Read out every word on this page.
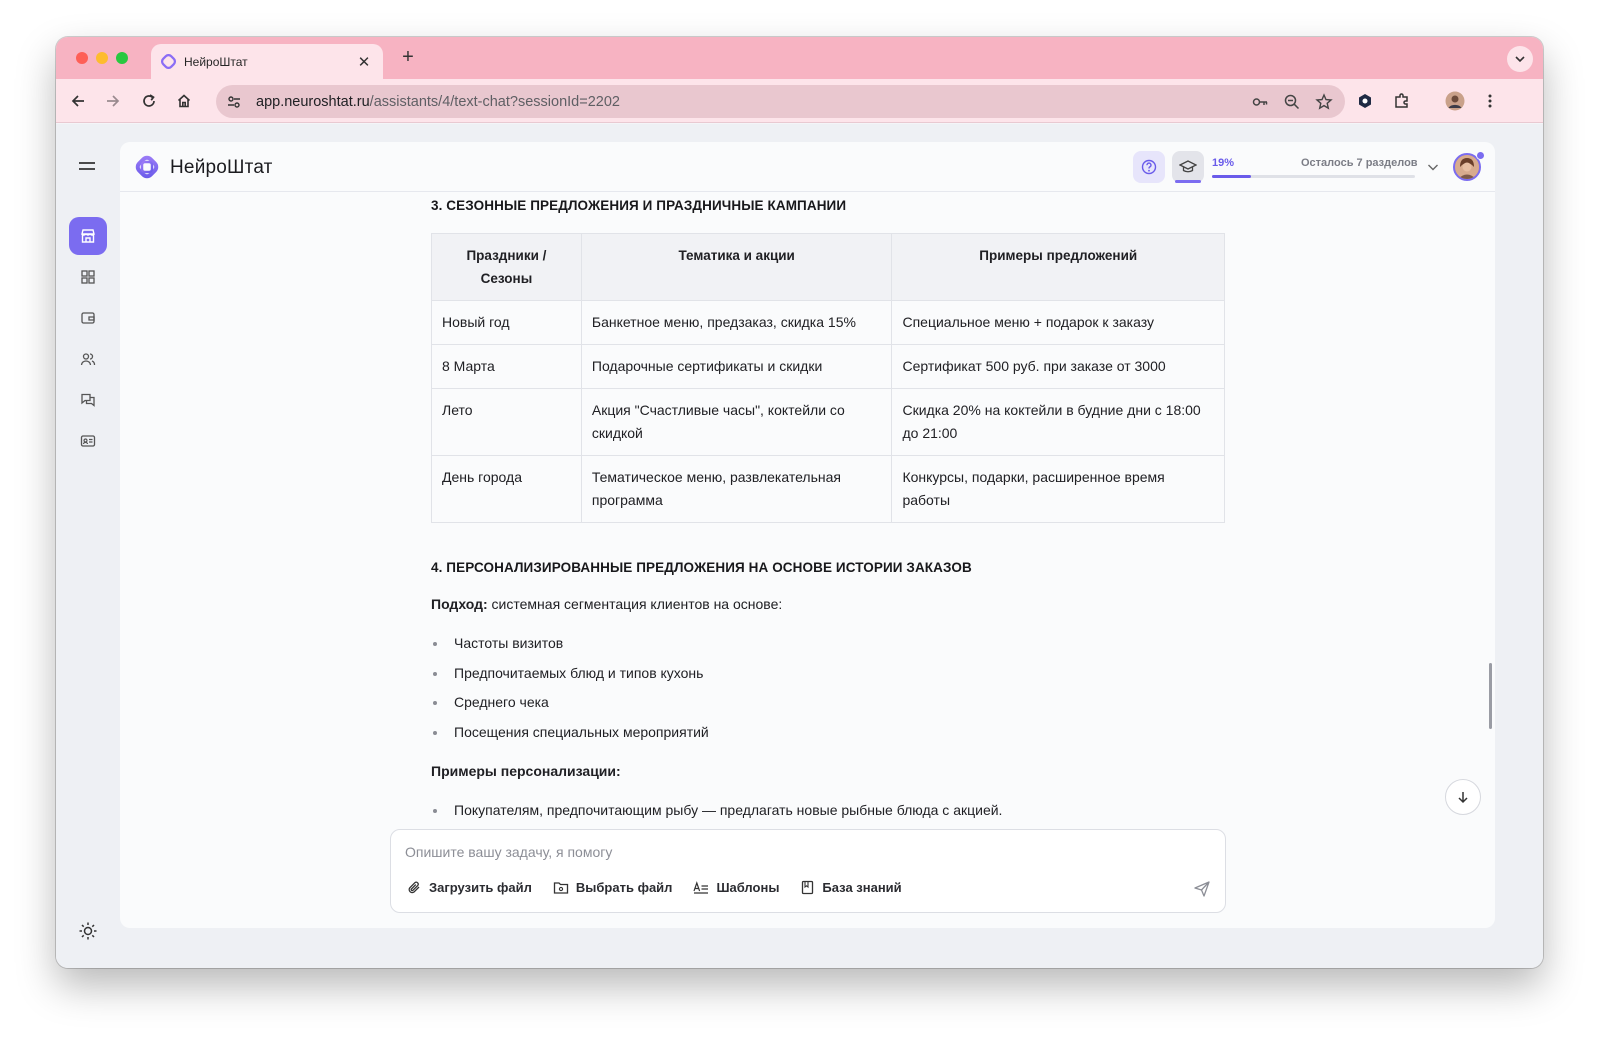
НейроШтат	✕	+
app.neuroshtat.ru/assistants/4/text-chat?sessionId=2202
НейроШтат	19%	Осталось 7 разделов
3. СЕЗОННЫЕ ПРЕДЛОЖЕНИЯ И ПРАЗДНИЧНЫЕ КАМПАНИИ
Праздники / Сезоны	Тематика и акции	Примеры предложений
Новый год	Банкетное меню, предзаказ, скидка 15%	Специальное меню + подарок к заказу
8 Марта	Подарочные сертификаты и скидки	Сертификат 500 руб. при заказе от 3000
Лето	Акция "Счастливые часы", коктейли со скидкой	Скидка 20% на коктейли в будние дни с 18:00 до 21:00
День города	Тематическое меню, развлекательная программа	Конкурсы, подарки, расширенное время работы
4. ПЕРСОНАЛИЗИРОВАННЫЕ ПРЕДЛОЖЕНИЯ НА ОСНОВЕ ИСТОРИИ ЗАКАЗОВ

Подход: системная сегментация клиентов на основе:

Частоты визитов
Предпочитаемых блюд и типов кухонь
Среднего чека
Посещения специальных мероприятий

Примеры персонализации:

Покупателям, предпочитающим рыбу — предлагать новые рыбные блюда с акцией.
Опишите вашу задачу, я помогу
Загрузить файл	Выбрать файл	Шаблоны	База знаний
